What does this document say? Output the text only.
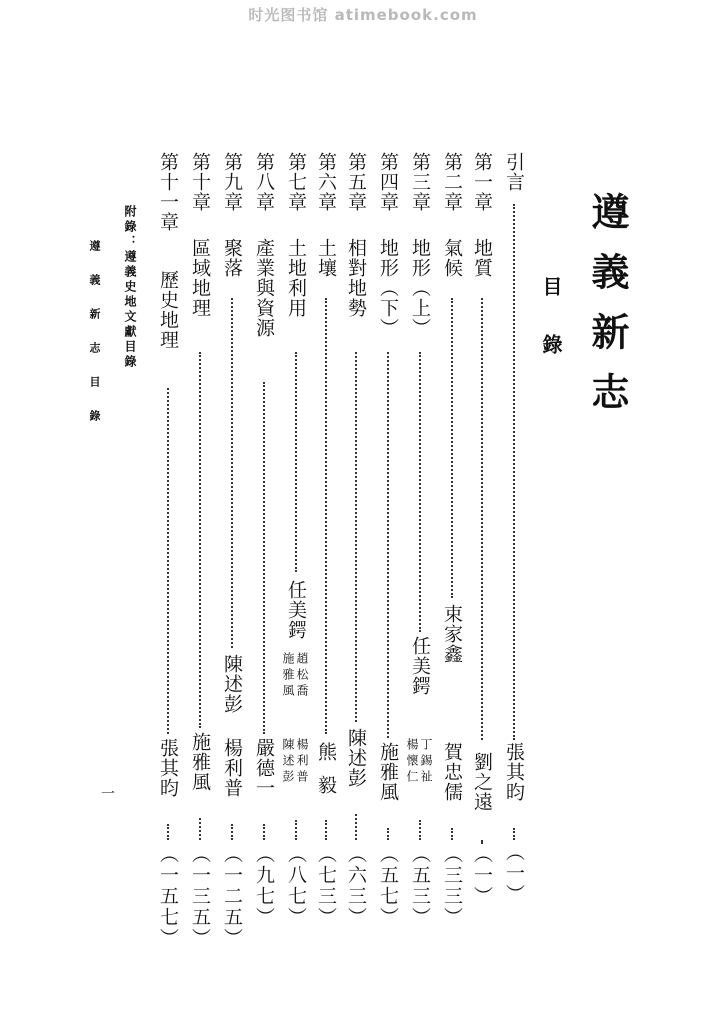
时光图书馆 atimebook.com
遵義新志
目錄
附錄：遵義史地文獻目錄
遵義新志目錄
一
引言
張其昀
（一）
第一章
地質
劉之遠
（一）
第二章
氣候
束家鑫
賀忠儒
（三三）
第三章
地形（上）
任美鍔
丁錫祉
楊懷仁
（五三）
第四章
地形（下）
施雅風
（五七）
第五章
相對地勢
陳述彭
（六三）
第六章
土壤
熊毅
（七三）
第七章
土地利用
任美鍔
趙松喬
施雅風
楊利普
陳述彭
（八七）
第八章
產業與資源
嚴德一
（九七）
第九章
聚落
陳述彭
楊利普
（一二五）
第十章
區域地理
施雅風
（一三五）
第十一章
歷史地理
張其昀
（一五七）
